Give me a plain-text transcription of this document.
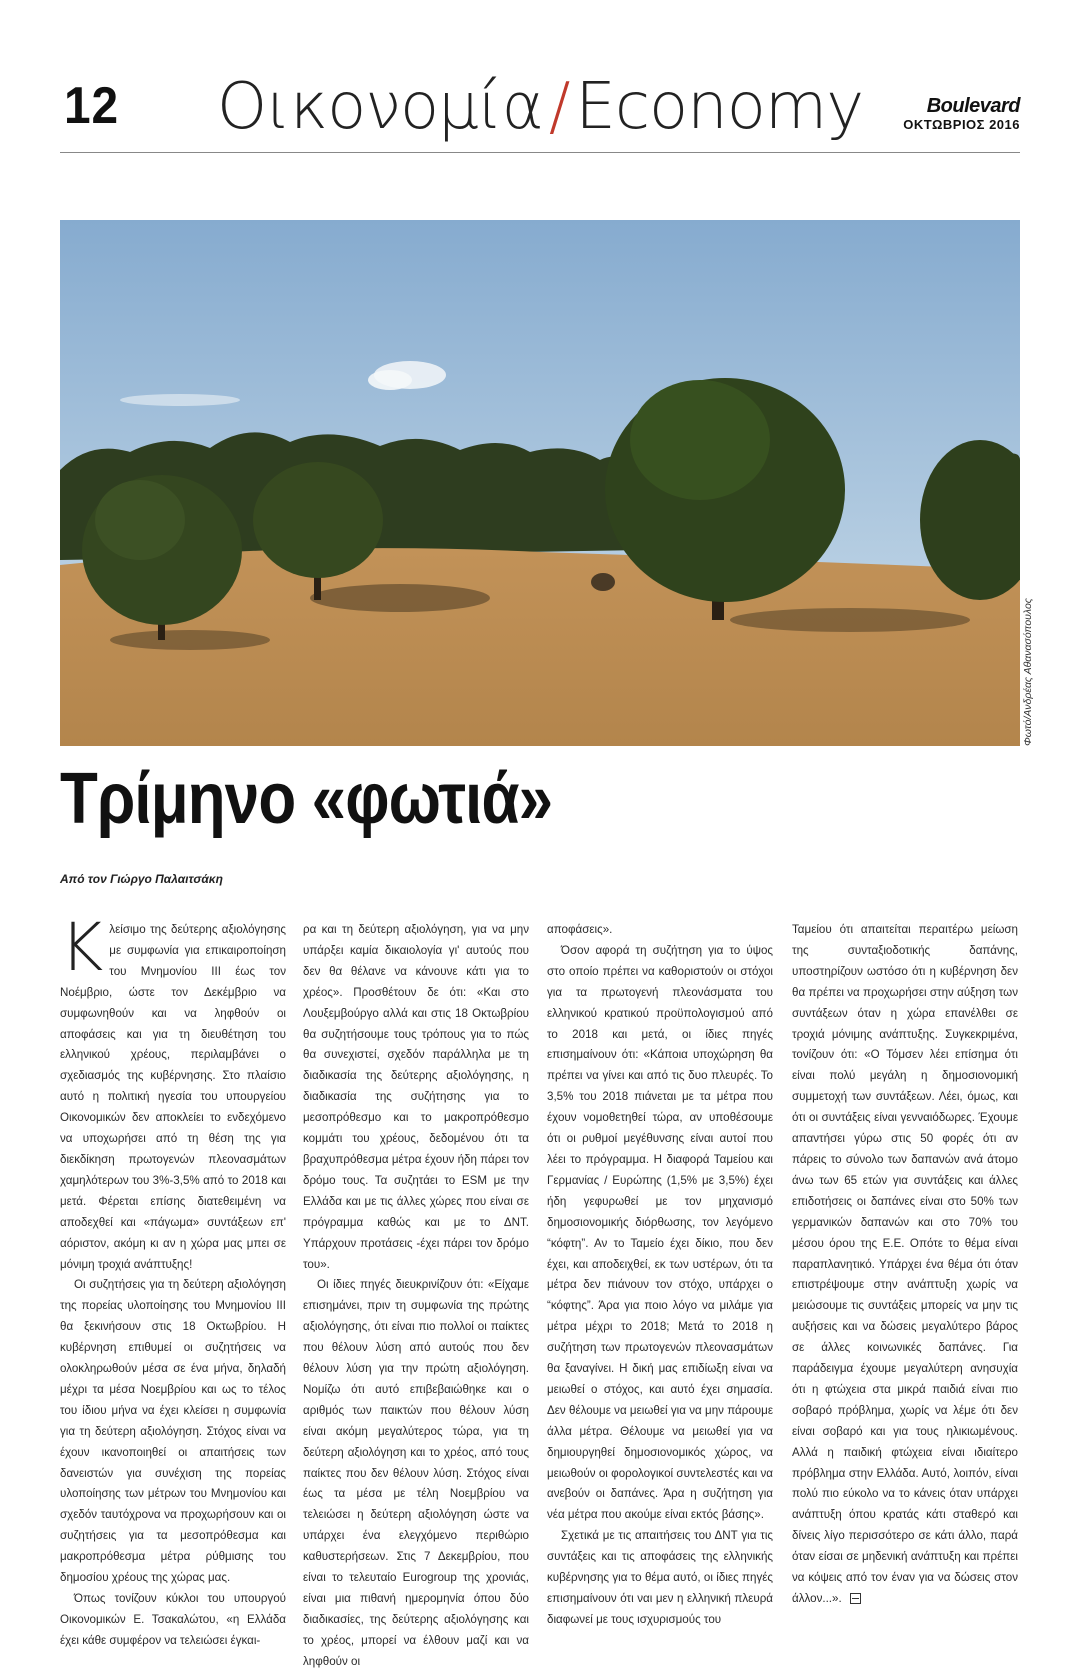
12	Οικονομία/Economy	Boulevard
ΟΚΤΩΒΡΙΟΣ 2016
Φωτό/Ανδρέας Αθανασόπουλος
Τρίμηνο «φωτιά»
Από τον Γιώργο Παλαιτσάκη

Κλείσιμο της δεύτερης αξιολόγησης με συμφωνία για επικαιροποίηση του Μνημονίου ΙΙΙ έως τον Νοέμβριο, ώστε τον Δεκέμβριο να συμφωνηθούν και να ληφθούν οι αποφάσεις και για τη διευθέτηση του ελληνικού χρέους, περιλαμβάνει ο σχεδιασμός της κυβέρνησης. Στο πλαίσιο αυτό η πολιτική ηγεσία του υπουργείου Οικονομικών δεν αποκλείει το ενδεχόμενο να υποχωρήσει από τη θέση της για διεκδίκηση πρωτογενών πλεονασμάτων χαμηλότερων του 3%-3,5% από το 2018 και μετά. Φέρεται επίσης διατεθειμένη να αποδεχθεί και «πάγωμα» συντάξεων επ' αόριστον, ακόμη κι αν η χώρα μας μπει σε μόνιμη τροχιά ανάπτυξης!

Οι συζητήσεις για τη δεύτερη αξιολόγηση της πορείας υλοποίησης του Μνημονίου ΙΙΙ θα ξεκινήσουν στις 18 Οκτωβρίου. Η κυβέρνηση επιθυμεί οι συζητήσεις να ολοκληρωθούν μέσα σε ένα μήνα, δηλαδή μέχρι τα μέσα Νοεμβρίου και ως το τέλος του ίδιου μήνα να έχει κλείσει η συμφωνία για τη δεύτερη αξιολόγηση. Στόχος είναι να έχουν ικανοποιηθεί οι απαιτήσεις των δανειστών για συνέχιση της πορείας υλοποίησης των μέτρων του Μνημονίου και σχεδόν ταυτόχρονα να προχωρήσουν και οι συζητήσεις για τα μεσοπρόθεσμα και μακροπρόθεσμα μέτρα ρύθμισης του δημοσίου χρέους της χώρας μας.

Όπως τονίζουν κύκλοι του υπουργού Οικονομικών Ε. Τσακαλώτου, «η Ελλάδα έχει κάθε συμφέρον να τελειώσει έγκαι-

ρα και τη δεύτερη αξιολόγηση, για να μην υπάρξει καμία δικαιολογία γι' αυτούς που δεν θα θέλανε να κάνουνε κάτι για το χρέος». Προσθέτουν δε ότι: «Και στο Λουξεμβούργο αλλά και στις 18 Οκτωβρίου θα συζητήσουμε τους τρόπους για το πώς θα συνεχιστεί, σχεδόν παράλληλα με τη διαδικασία της δεύτερης αξιολόγησης, η διαδικασία της συζήτησης για το μεσοπρόθεσμο και το μακροπρόθεσμο κομμάτι του χρέους, δεδομένου ότι τα βραχυπρόθεσμα μέτρα έχουν ήδη πάρει τον δρόμο τους. Τα συζητάει το ESM με την Ελλάδα και με τις άλλες χώρες που είναι σε πρόγραμμα καθώς και με το ΔΝΤ. Υπάρχουν προτάσεις -έχει πάρει τον δρόμο του».

Οι ίδιες πηγές διευκρινίζουν ότι: «Είχαμε επισημάνει, πριν τη συμφωνία της πρώτης αξιολόγησης, ότι είναι πιο πολλοί οι παίκτες που θέλουν λύση από αυτούς που δεν θέλουν λύση για την πρώτη αξιολόγηση. Νομίζω ότι αυτό επιβεβαιώθηκε και ο αριθμός των παικτών που θέλουν λύση είναι ακόμη μεγαλύτερος τώρα, για τη δεύτερη αξιολόγηση και το χρέος, από τους παίκτες που δεν θέλουν λύση. Στόχος είναι έως τα μέσα με τέλη Νοεμβρίου να τελειώσει η δεύτερη αξιολόγηση ώστε να υπάρχει ένα ελεγχόμενο περιθώριο καθυστερήσεων. Στις 7 Δεκεμβρίου, που είναι το τελευταίο Eurogroup της χρονιάς, είναι μια πιθανή ημερομηνία όπου δύο διαδικασίες, της δεύτερης αξιολόγησης και το χρέος, μπορεί να έλθουν μαζί και να ληφθούν οι

αποφάσεις».

Όσον αφορά τη συζήτηση για το ύψος στο οποίο πρέπει να καθοριστούν οι στόχοι για τα πρωτογενή πλεονάσματα του ελληνικού κρατικού προϋπολογισμού από το 2018 και μετά, οι ίδιες πηγές επισημαίνουν ότι: «Κάποια υποχώρηση θα πρέπει να γίνει και από τις δυο πλευρές. Το 3,5% του 2018 πιάνεται με τα μέτρα που έχουν νομοθετηθεί τώρα, αν υποθέσουμε ότι οι ρυθμοί μεγέθυνσης είναι αυτοί που λέει το πρόγραμμα. Η διαφορά Ταμείου και Γερμανίας / Ευρώπης (1,5% με 3,5%) έχει ήδη γεφυρωθεί με τον μηχανισμό δημοσιονομικής διόρθωσης, τον λεγόμενο “κόφτη”. Αν το Ταμείο έχει δίκιο, που δεν έχει, και αποδειχθεί, εκ των υστέρων, ότι τα μέτρα δεν πιάνουν τον στόχο, υπάρχει ο “κόφτης”. Άρα για ποιο λόγο να μιλάμε για μέτρα μέχρι το 2018; Μετά το 2018 η συζήτηση των πρωτογενών πλεονασμάτων θα ξαναγίνει. Η δική μας επιδίωξη είναι να μειωθεί ο στόχος, και αυτό έχει σημασία. Δεν θέλουμε να μειωθεί για να μην πάρουμε άλλα μέτρα. Θέλουμε να μειωθεί για να δημιουργηθεί δημοσιονομικός χώρος, να μειωθούν οι φορολογικοί συντελεστές και να ανεβούν οι δαπάνες. Άρα η συζήτηση για νέα μέτρα που ακούμε είναι εκτός βάσης».

Σχετικά με τις απαιτήσεις του ΔΝΤ για τις συντάξεις και τις αποφάσεις της ελληνικής κυβέρνησης για το θέμα αυτό, οι ίδιες πηγές επισημαίνουν ότι ναι μεν η ελληνική πλευρά διαφωνεί με τους ισχυρισμούς του

Ταμείου ότι απαιτείται περαιτέρω μείωση της συνταξιοδοτικής δαπάνης, υποστηρίζουν ωστόσο ότι η κυβέρνηση δεν θα πρέπει να προχωρήσει στην αύξηση των συντάξεων όταν η χώρα επανέλθει σε τροχιά μόνιμης ανάπτυξης. Συγκεκριμένα, τονίζουν ότι: «Ο Τόμσεν λέει επίσημα ότι είναι πολύ μεγάλη η δημοσιονομική συμμετοχή των συντάξεων. Λέει, όμως, και ότι οι συντάξεις είναι γενναιόδωρες. Έχουμε απαντήσει γύρω στις 50 φορές ότι αν πάρεις το σύνολο των δαπανών ανά άτομο άνω των 65 ετών για συντάξεις και άλλες επιδοτήσεις οι δαπάνες είναι στο 50% των γερμανικών δαπανών και στο 70% του μέσου όρου της Ε.Ε. Οπότε το θέμα είναι παραπλανητικό. Υπάρχει ένα θέμα ότι όταν επιστρέψουμε στην ανάπτυξη χωρίς να μειώσουμε τις συντάξεις μπορείς να μην τις αυξήσεις και να δώσεις μεγαλύτερο βάρος σε άλλες κοινωνικές δαπάνες. Για παράδειγμα έχουμε μεγαλύτερη ανησυχία ότι η φτώχεια στα μικρά παιδιά είναι πιο σοβαρό πρόβλημα, χωρίς να λέμε ότι δεν είναι σοβαρό και για τους ηλικιωμένους. Αλλά η παιδική φτώχεια είναι ιδιαίτερο πρόβλημα στην Ελλάδα. Αυτό, λοιπόν, είναι πολύ πιο εύκολο να το κάνεις όταν υπάρχει ανάπτυξη όπου κρατάς κάτι σταθερό και δίνεις λίγο περισσότερο σε κάτι άλλο, παρά όταν είσαι σε μηδενική ανάπτυξη και πρέπει να κόψεις από τον έναν για να δώσεις στον άλλον...».
